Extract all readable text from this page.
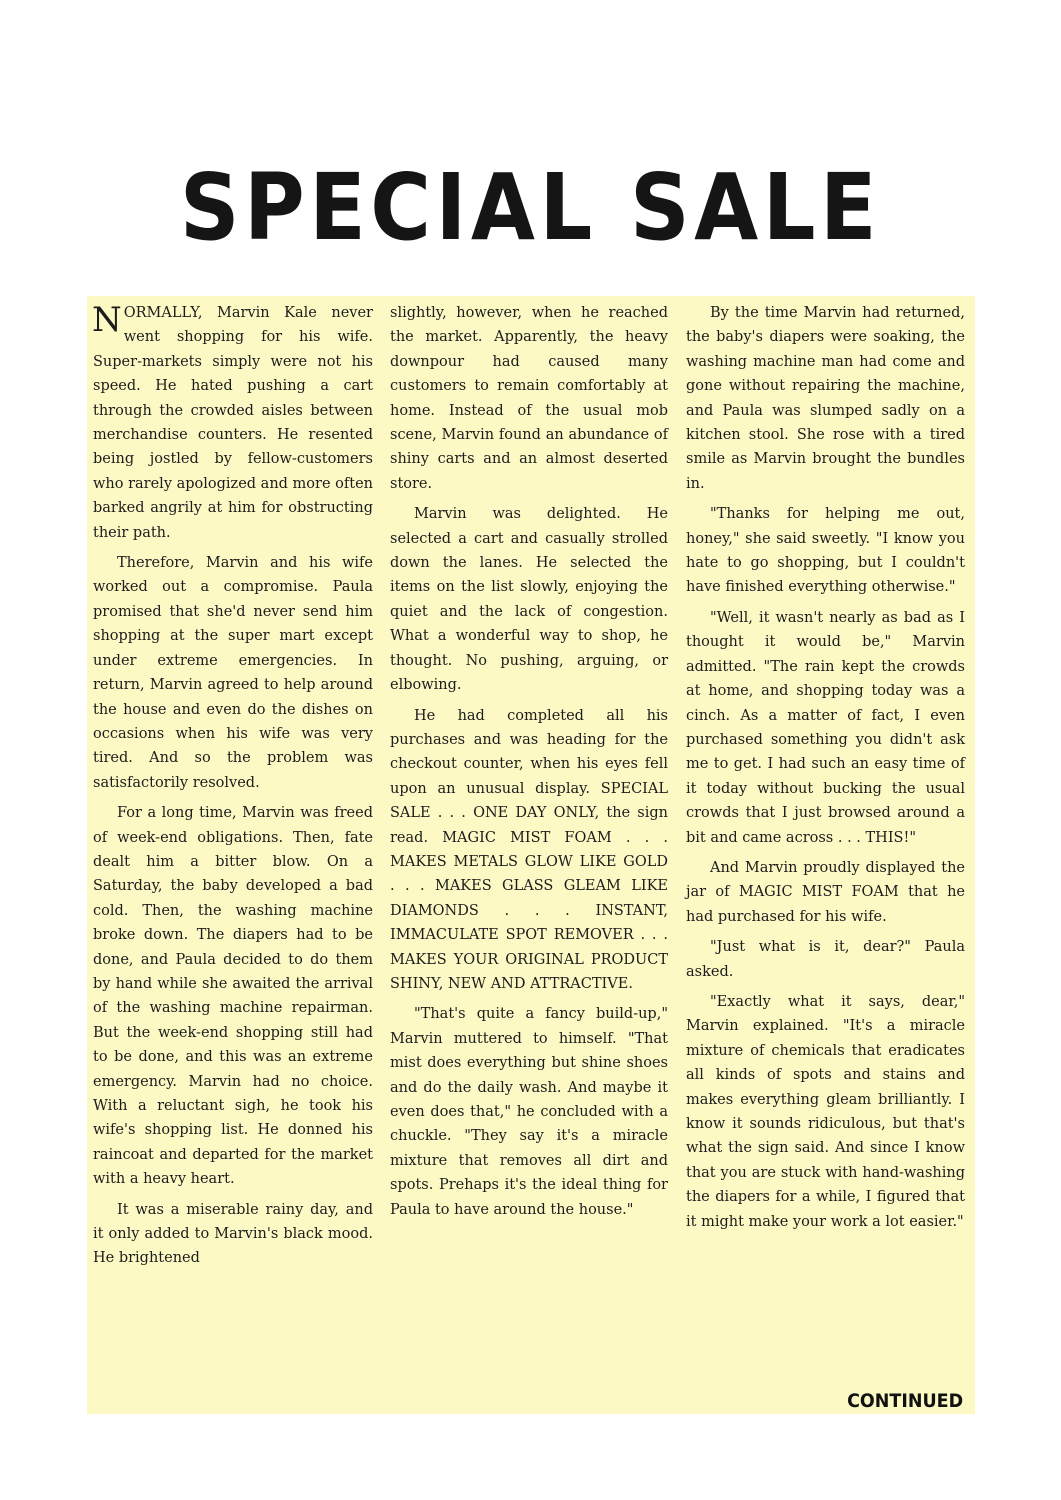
SPECIAL SALE

NORMALLY, Marvin Kale never went shopping for his wife. Super-markets simply were not his speed. He hated pushing a cart through the crowded aisles between merchandise counters. He resented being jostled by fellow-customers who rarely apologized and more often barked angrily at him for obstructing their path.

Therefore, Marvin and his wife worked out a compromise. Paula promised that she'd never send him shopping at the super mart except under extreme emergencies. In return, Marvin agreed to help around the house and even do the dishes on occasions when his wife was very tired. And so the problem was satisfactorily resolved.

For a long time, Marvin was freed of week-end obligations. Then, fate dealt him a bitter blow. On a Saturday, the baby developed a bad cold. Then, the washing machine broke down. The diapers had to be done, and Paula decided to do them by hand while she awaited the arrival of the washing machine repairman. But the week-end shopping still had to be done, and this was an extreme emergency. Marvin had no choice. With a reluctant sigh, he took his wife's shopping list. He donned his raincoat and departed for the market with a heavy heart.

It was a miserable rainy day, and it only added to Marvin's black mood. He brightened

slightly, however, when he reached the market. Apparently, the heavy downpour had caused many customers to remain comfortably at home. Instead of the usual mob scene, Marvin found an abundance of shiny carts and an almost deserted store.

Marvin was delighted. He selected a cart and casually strolled down the lanes. He selected the items on the list slowly, enjoying the quiet and the lack of congestion. What a wonderful way to shop, he thought. No pushing, arguing, or elbowing.

He had completed all his purchases and was heading for the checkout counter, when his eyes fell upon an unusual display. SPECIAL SALE . . . ONE DAY ONLY, the sign read. MAGIC MIST FOAM . . . MAKES METALS GLOW LIKE GOLD . . . MAKES GLASS GLEAM LIKE DIAMONDS . . . INSTANT, IMMACULATE SPOT REMOVER . . . MAKES YOUR ORIGINAL PRODUCT SHINY, NEW AND ATTRACTIVE.

"That's quite a fancy build-up," Marvin muttered to himself. "That mist does everything but shine shoes and do the daily wash. And maybe it even does that," he concluded with a chuckle. "They say it's a miracle mixture that removes all dirt and spots. Prehaps it's the ideal thing for Paula to have around the house."

By the time Marvin had returned, the baby's diapers were soaking, the washing machine man had come and gone without repairing the machine, and Paula was slumped sadly on a kitchen stool. She rose with a tired smile as Marvin brought the bundles in.

"Thanks for helping me out, honey," she said sweetly. "I know you hate to go shopping, but I couldn't have finished everything otherwise."

"Well, it wasn't nearly as bad as I thought it would be," Marvin admitted. "The rain kept the crowds at home, and shopping today was a cinch. As a matter of fact, I even purchased something you didn't ask me to get. I had such an easy time of it today without bucking the usual crowds that I just browsed around a bit and came across . . . THIS!"

And Marvin proudly displayed the jar of MAGIC MIST FOAM that he had purchased for his wife.

"Just what is it, dear?" Paula asked.

"Exactly what it says, dear," Marvin explained. "It's a miracle mixture of chemicals that eradicates all kinds of spots and stains and makes everything gleam brilliantly. I know it sounds ridiculous, but that's what the sign said. And since I know that you are stuck with hand-washing the diapers for a while, I figured that it might make your work a lot easier."

CONTINUED
